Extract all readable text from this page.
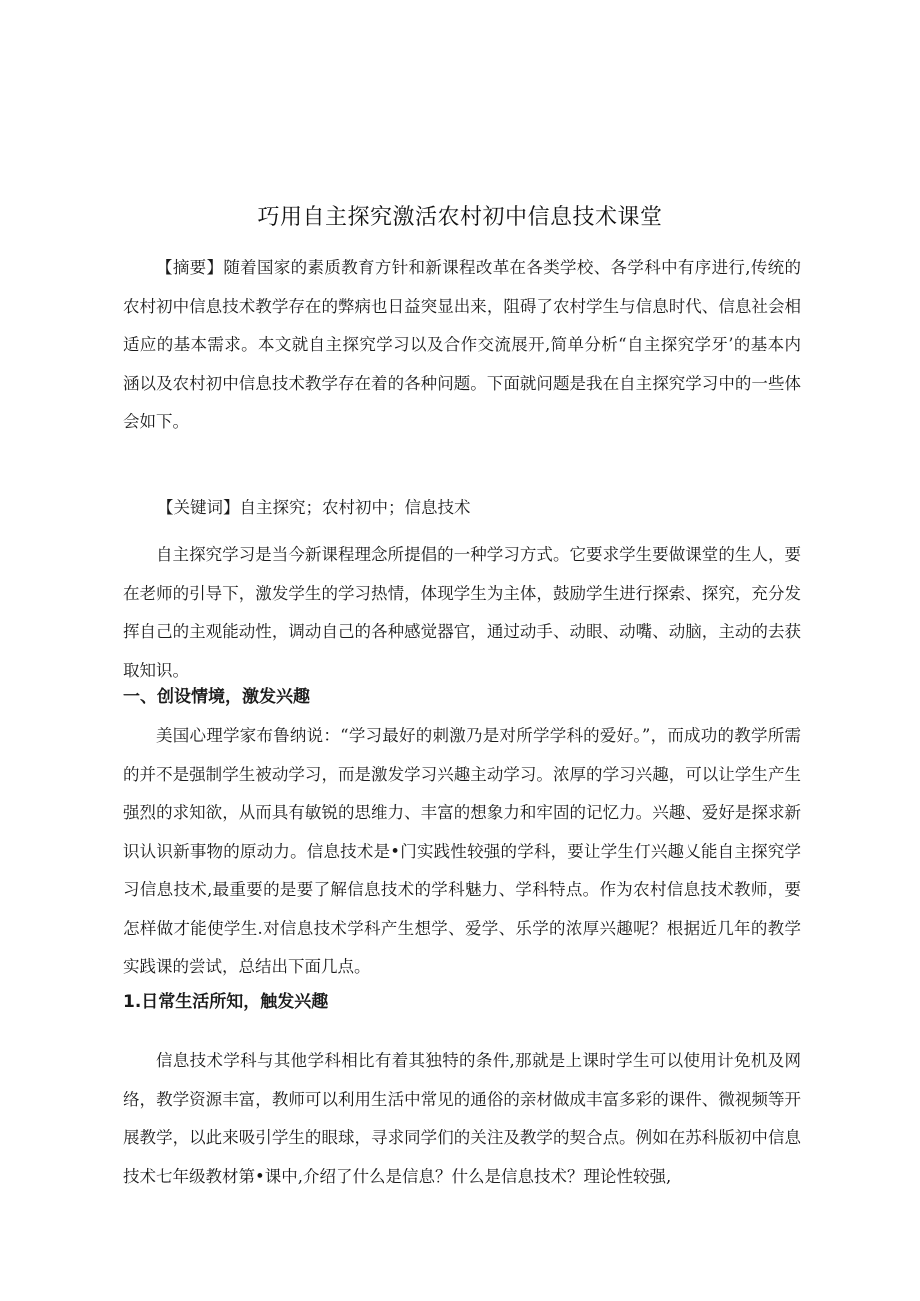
巧用自主探究激活农村初中信息技术课堂

【摘要】随着国家的素质教育方针和新课程改革在各类学校、各学科中有序进行,传统的农村初中信息技术教学存在的弊病也日益突显出来，阻碍了农村学生与信息时代、信息社会相适应的基本需求。本文就自主探究学习以及合作交流展开,简单分析“自主探究学牙’的基本内涵以及农村初中信息技术教学存在着的各种问题。下面就问题是我在自主探究学习中的一些体会如下。

【关键词】自主探究；农村初中；信息技术

自主探究学习是当今新课程理念所提倡的一种学习方式。它要求学生要做课堂的生人，要在老师的引导下，激发学生的学习热情，体现学生为主体，鼓励学生进行探索、探究，充分发挥自己的主观能动性，调动自己的各种感觉器官，通过动手、动眼、动嘴、动脑，主动的去获取知识。

一、创设情境，激发兴趣

美国心理学家布鲁纳说：“学习最好的刺激乃是对所学学科的爱好。”，而成功的教学所需的并不是强制学生被动学习，而是激发学习兴趣主动学习。浓厚的学习兴趣，可以让学生产生强烈的求知欲，从而具有敏锐的思维力、丰富的想象力和牢固的记忆力。兴趣、爱好是探求新识认识新事物的原动力。信息技术是•门实践性较强的学科，要让学生仃兴趣乂能自主探究学习信息技术,最重要的是要了解信息技术的学科魅力、学科特点。作为农村信息技术教师，要怎样做才能使学生.对信息技术学科产生想学、爱学、乐学的浓厚兴趣呢？根据近几年的教学实践课的尝试，总结出下面几点。

1.日常生活所知，触发兴趣

信息技术学科与其他学科相比有着其独特的条件,那就是上课时学生可以使用计免机及网络，教学资源丰富，教师可以利用生活中常见的通俗的亲材做成丰富多彩的课件、微视频等开展教学，以此来吸引学生的眼球，寻求同学们的关注及教学的契合点。例如在苏科版初中信息技术七年级教材第•课中,介绍了什么是信息？什么是信息技术？理论性较强,
